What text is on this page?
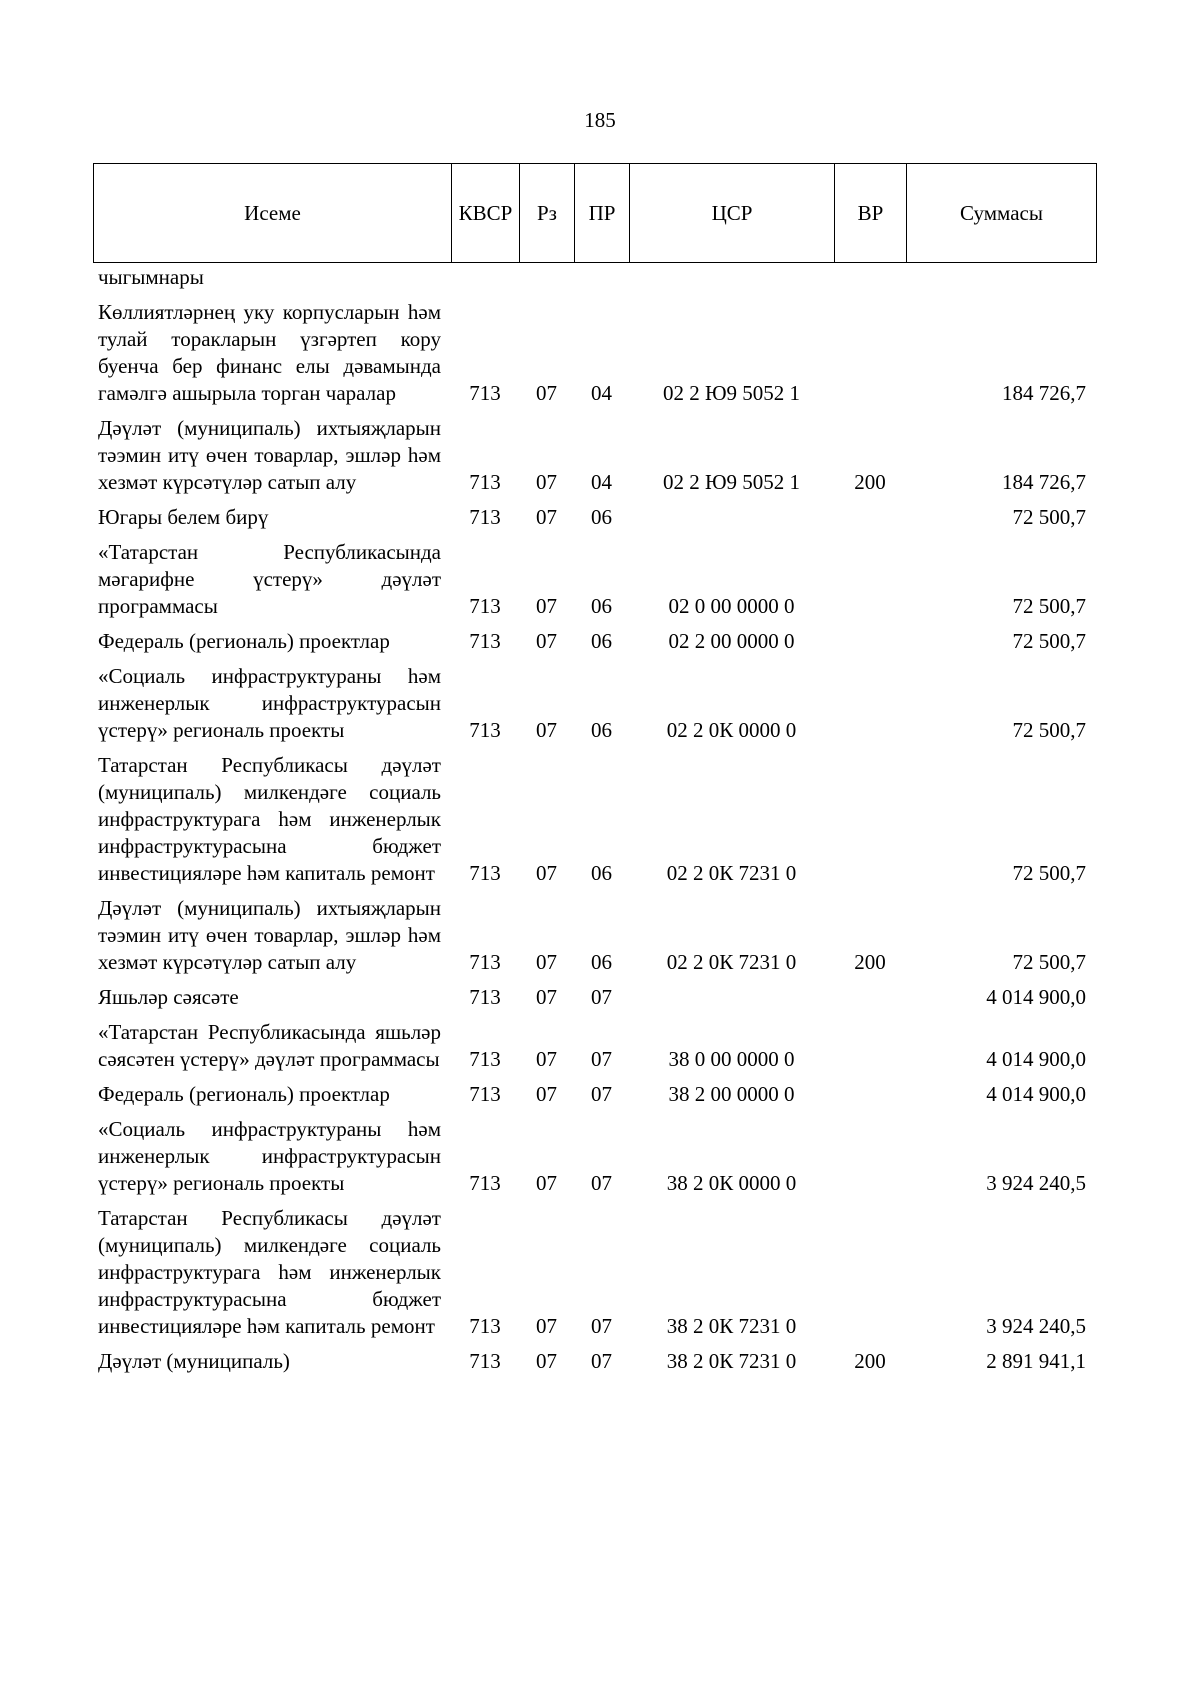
185
Исеме	КВСР	Рз	ПР	ЦСР	ВР	Суммасы
чыгымнары						
Көллиятләрнең уку корпусларын һәм тулай торакларын үзгәртеп кору буенча бер финанс елы дәвамында гамәлгә ашырыла торган чаралар	713	07	04	02 2 Ю9 5052 1		184 726,7
Дәүләт (муниципаль) ихтыяҗларын тәэмин итү өчен товарлар, эшләр һәм хезмәт күрсәтүләр сатып алу	713	07	04	02 2 Ю9 5052 1	200	184 726,7
Югары белем бирү	713	07	06			72 500,7
«Татарстан Республикасында мәгарифне үстерү» дәүләт программасы	713	07	06	02 0 00 0000 0		72 500,7
Федераль (региональ) проектлар	713	07	06	02 2 00 0000 0		72 500,7
«Социаль инфраструктураны һәм инженерлык инфраструктурасын үстерү» региональ проекты	713	07	06	02 2 0К 0000 0		72 500,7
Татарстан Республикасы дәүләт (муниципаль) милкендәге социаль инфраструктурага һәм инженерлык инфраструктурасына бюджет инвестицияләре һәм капиталь ремонт	713	07	06	02 2 0К 7231 0		72 500,7
Дәүләт (муниципаль) ихтыяҗларын тәэмин итү өчен товарлар, эшләр һәм хезмәт күрсәтүләр сатып алу	713	07	06	02 2 0К 7231 0	200	72 500,7
Яшьләр сәясәте	713	07	07			4 014 900,0
«Татарстан Республикасында яшьләр сәясәтен үстерү» дәүләт программасы	713	07	07	38 0 00 0000 0		4 014 900,0
Федераль (региональ) проектлар	713	07	07	38 2 00 0000 0		4 014 900,0
«Социаль инфраструктураны һәм инженерлык инфраструктурасын үстерү» региональ проекты	713	07	07	38 2 0К 0000 0		3 924 240,5
Татарстан Республикасы дәүләт (муниципаль) милкендәге социаль инфраструктурага һәм инженерлык инфраструктурасына бюджет инвестицияләре һәм капиталь ремонт	713	07	07	38 2 0К 7231 0		3 924 240,5
Дәүләт (муниципаль)	713	07	07	38 2 0К 7231 0	200	2 891 941,1
